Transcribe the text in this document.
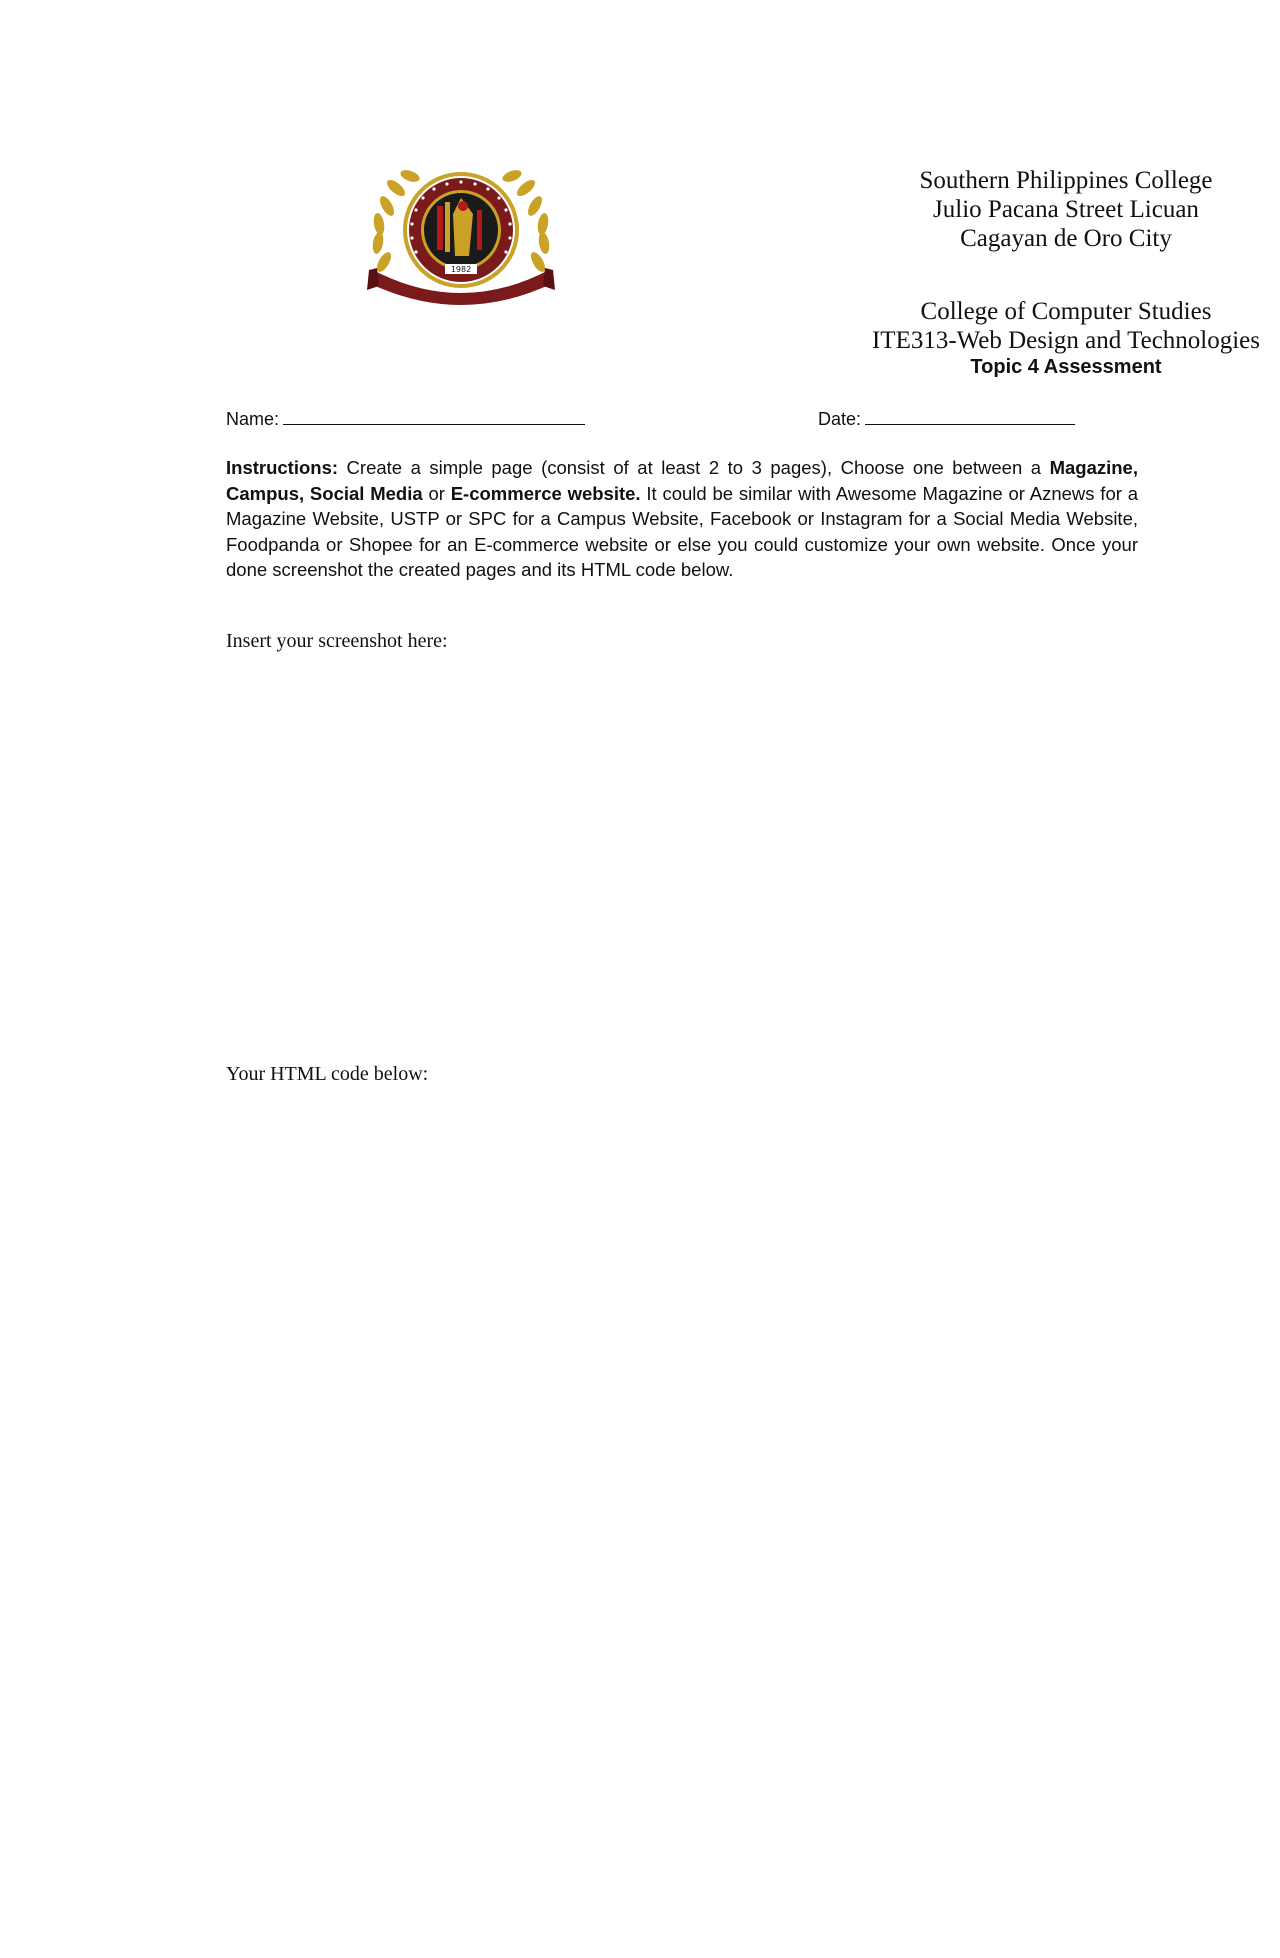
1982
Southern Philippines College
Julio Pacana Street Licuan
Cagayan de Oro City
College of Computer Studies
ITE313-Web Design and Technologies
Topic 4 Assessment
Name:	Date:
Instructions: Create a simple page (consist of at least 2 to 3 pages), Choose one between a Magazine, Campus, Social Media or E-commerce website. It could be similar with Awesome Magazine or Aznews for a Magazine Website, USTP or SPC for a Campus Website, Facebook or Instagram for a Social Media Website, Foodpanda or Shopee for an E-commerce website or else you could customize your own website. Once your done screenshot the created pages and its HTML code below.
Insert your screenshot here:
Your HTML code below:
